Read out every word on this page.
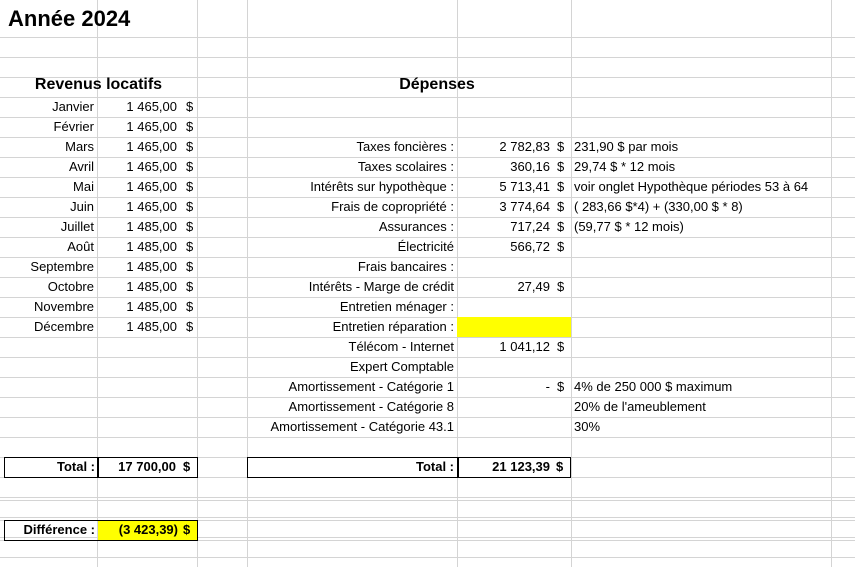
Année 2024
Revenus locatifs	Dépenses
Janvier	1 465,00 $
Février	1 465,00 $
Mars	1 465,00 $
Avril	1 465,00 $
Mai	1 465,00 $
Juin	1 465,00 $
Juillet	1 485,00 $
Août	1 485,00 $
Septembre	1 485,00 $
Octobre	1 485,00 $
Novembre	1 485,00 $
Décembre	1 485,00 $
Taxes foncières :	2 782,83 $ 231,90 $ par mois
Taxes scolaires :	360,16 $ 29,74 $ * 12 mois
Intérêts sur hypothèque :	5 713,41 $ voir onglet Hypothèque périodes 53 à 64
Frais de copropriété :	3 774,64 $ ( 283,66 $*4) + (330,00 $ * 8)
Assurances :	717,24 $ (59,77 $ * 12 mois)
Électricité	566,72 $
Frais bancaires :
Intérêts - Marge de crédit	27,49 $
Entretien ménager :
Entretien réparation :
Télécom - Internet	1 041,12 $
Expert Comptable
Amortissement - Catégorie 1	- $ 4% de 250 000 $ maximum
Amortissement - Catégorie 8	20% de l'ameublement
Amortissement - Catégorie 43.1	30%
Total :	17 700,00 $	Total :	21 123,39 $
Différence :	(3 423,39) $
